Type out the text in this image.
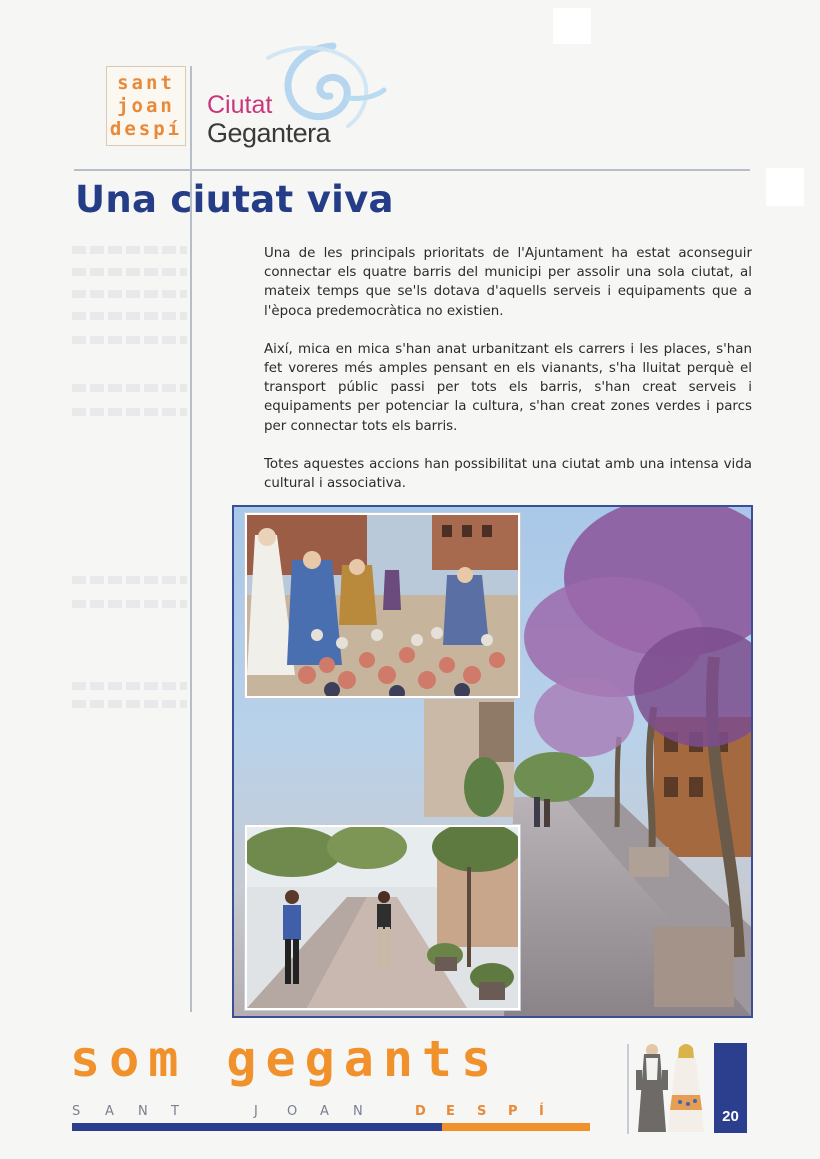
sant
joan
despí
Ciutat
Gegantera
Una ciutat viva

Una de les principals prioritats de l'Ajuntament ha estat aconseguir connectar els quatre barris del municipi per assolir una sola ciutat, al mateix temps que se'ls dotava d'aquells serveis i equipaments que a l'època predemocràtica no existien.

Així, mica en mica s'han anat urbanitzant els carrers i les places, s'han fet voreres més amples pensant en els vianants, s'ha lluitat perquè el transport públic passi per tots els barris, s'han creat serveis i equipaments per potenciar la cultura, s'han creat zones verdes i parcs per connectar tots els barris.

Totes aquestes accions han possibilitat una ciutat amb una intensa vida cultural i associativa.

som gegants
S	A	N	T	J	O	A	N	D	E	S	P	Í	20
